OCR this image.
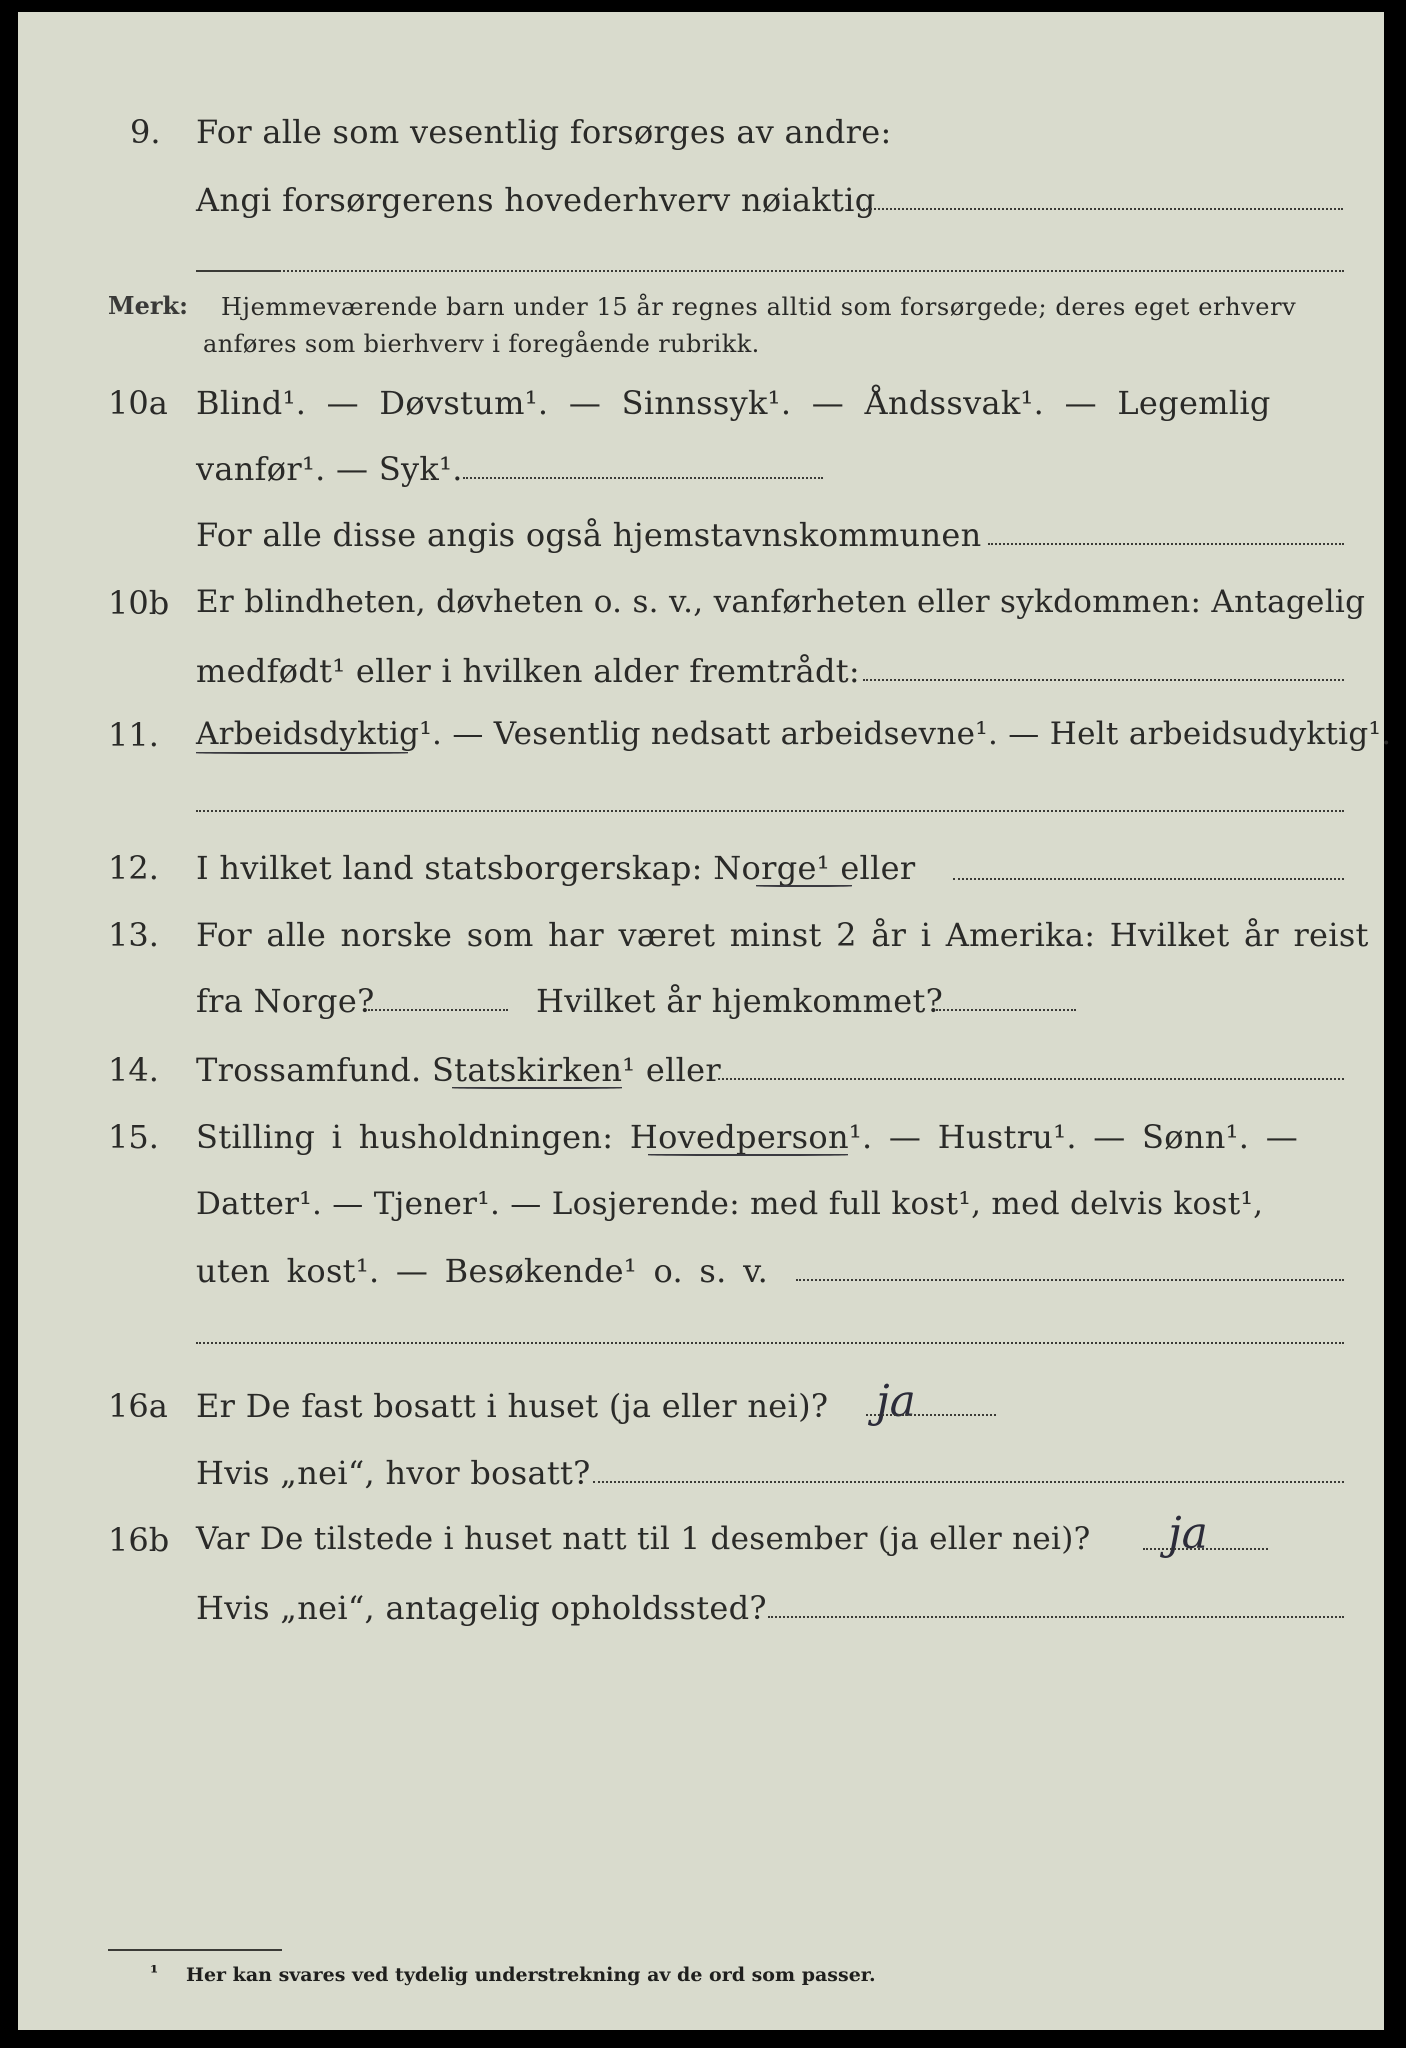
9. For alle som vesentlig forsørges av andre:
Angi forsørgerens hovederhverv nøiaktig
Merk: Hjemmeværende barn under 15 år regnes alltid som forsørgede; deres eget erhverv
anføres som bierhverv i foregående rubrikk.
10a Blind¹. — Døvstum¹. — Sinnssyk¹. — Åndssvak¹. — Legemlig
vanfør¹. — Syk¹.
For alle disse angis også hjemstavnskommunen
10b Er blindheten, døvheten o. s. v., vanførheten eller sykdommen: Antagelig
medfødt¹ eller i hvilken alder fremtrådt:
11. Arbeidsdyktig¹. — Vesentlig nedsatt arbeidsevne¹. — Helt arbeidsudyktig¹.
12. I hvilket land statsborgerskap: Norge¹ eller
13. For alle norske som har været minst 2 år i Amerika: Hvilket år reist
fra Norge?	Hvilket år hjemkommet?
14. Trossamfund. Statskirken¹ eller
15. Stilling i husholdningen: Hovedperson¹. — Hustru¹. — Sønn¹. —
Datter¹. — Tjener¹. — Losjerende: med full kost¹, med delvis kost¹,
uten kost¹. — Besøkende¹ o. s. v.
16a Er De fast bosatt i huset (ja eller nei)? ja
Hvis „nei“, hvor bosatt?
16b Var De tilstede i huset natt til 1 desember (ja eller nei)? ja
Hvis „nei“, antagelig opholdssted?
¹ Her kan svares ved tydelig understrekning av de ord som passer.
